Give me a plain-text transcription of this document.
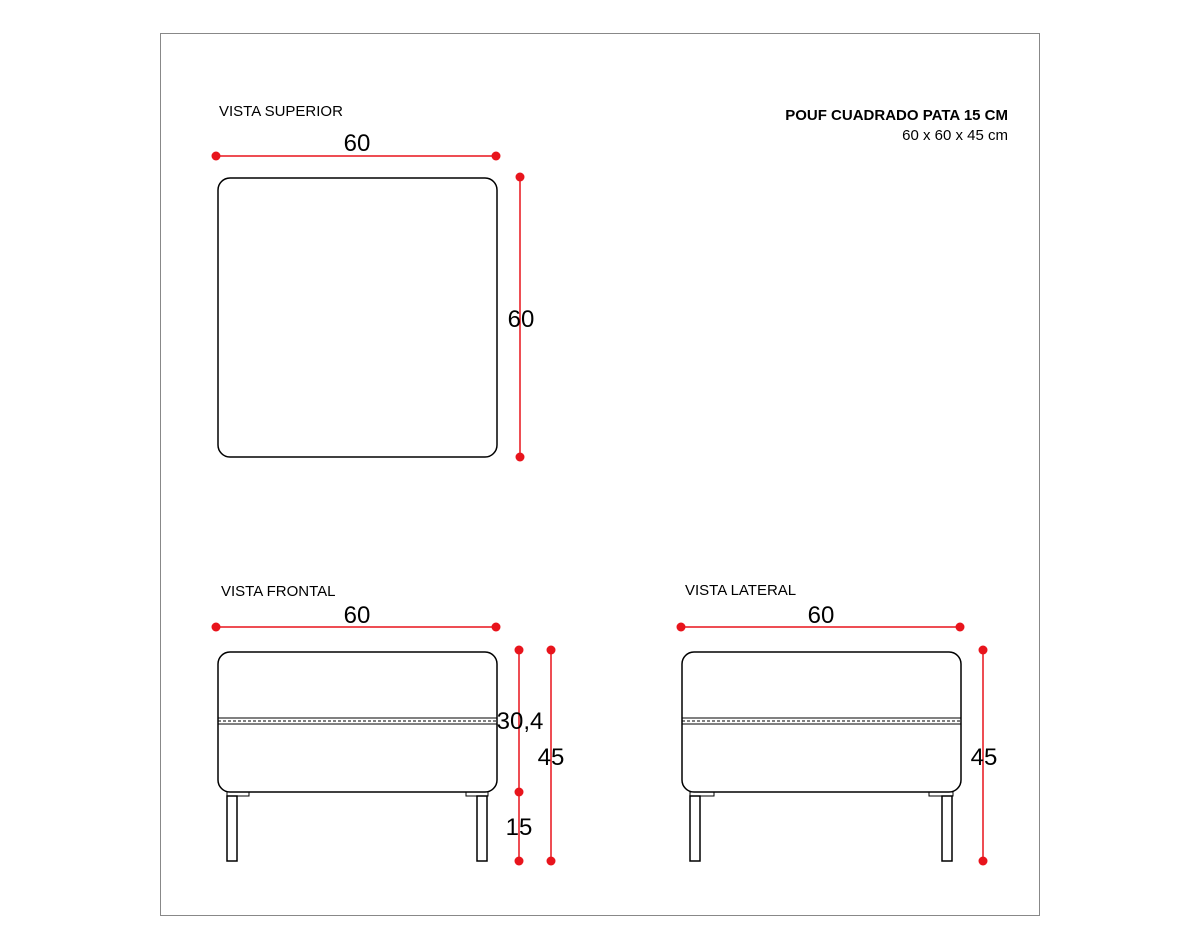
POUF CUADRADO PATA 15 CM
60 x 60 x 45 cm
VISTA SUPERIOR
60
60
VISTA FRONTAL
60
30,4
15
45
VISTA LATERAL
60
45
